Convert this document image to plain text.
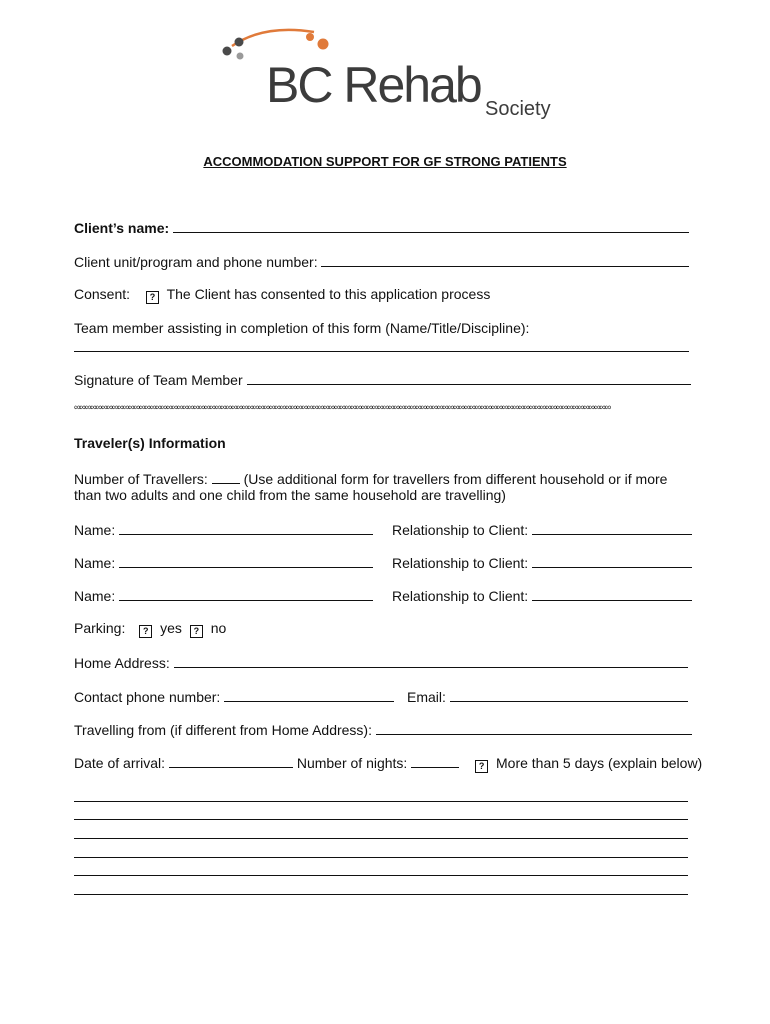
BC Rehab Society
ACCOMMODATION SUPPORT FOR GF STRONG PATIENTS
Client’s name:
Client unit/program and phone number:
Consent: ? The Client has consented to this application process
Team member assisting in completion of this form (Name/Title/Discipline):
Signature of Team Member
∞∞∞∞∞∞∞∞∞∞∞∞∞∞∞∞∞∞∞∞∞∞∞∞∞∞∞∞∞∞∞∞∞∞∞∞∞∞∞∞∞∞∞∞∞∞∞∞∞∞∞∞∞∞∞∞∞∞∞∞∞∞∞∞∞∞∞∞∞∞∞∞∞∞∞∞∞∞∞∞∞∞∞∞∞∞∞∞∞∞∞∞∞∞∞∞∞∞∞
Traveler(s) Information
Number of Travellers:	(Use additional form for travellers from different household or if more
than two adults and one child from the same household are travelling)
Name:	Relationship to Client:
Name:	Relationship to Client:
Name:	Relationship to Client:
Parking: ? yes ? no
Home Address:
Contact phone number:	Email:
Travelling from (if different from Home Address):
Date of arrival:	Number of nights:	? More than 5 days (explain below)
